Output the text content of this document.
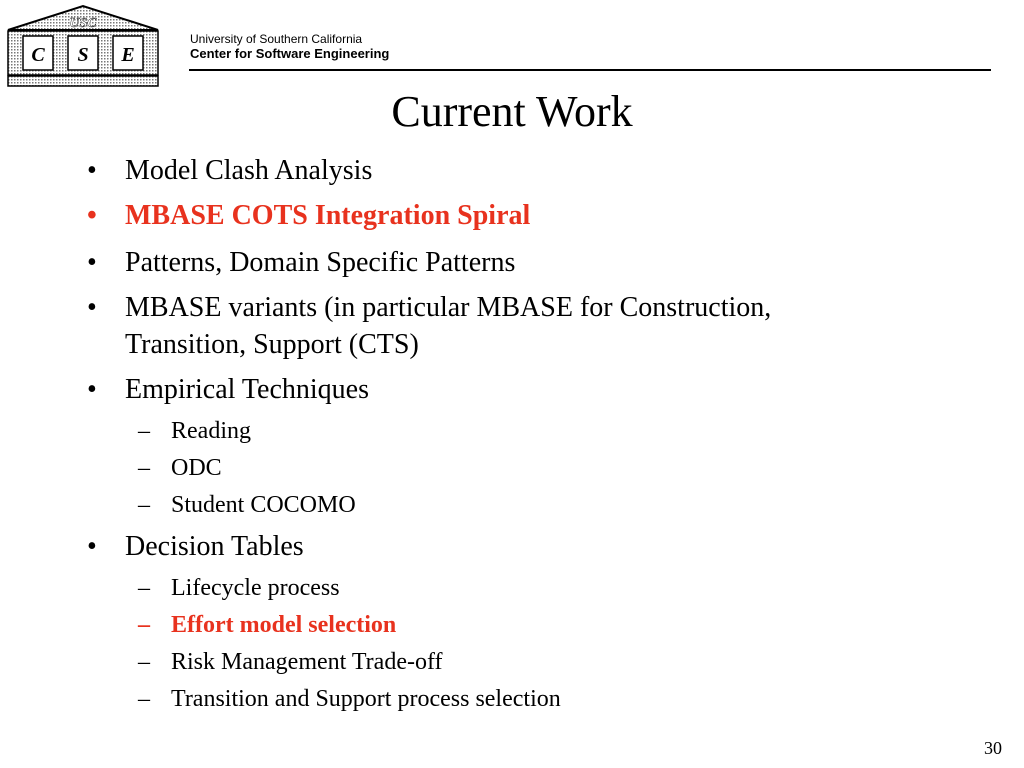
USC
C S E
University of Southern California
Center for Software Engineering
Current Work
• Model Clash Analysis
• MBASE COTS Integration Spiral
• Patterns, Domain Specific Patterns
• MBASE variants (in particular MBASE for Construction,
Transition, Support (CTS)
• Empirical Techniques
– Reading
– ODC
– Student COCOMO
• Decision Tables
– Lifecycle process
– Effort model selection
– Risk Management Trade-off
– Transition and Support process selection
30
